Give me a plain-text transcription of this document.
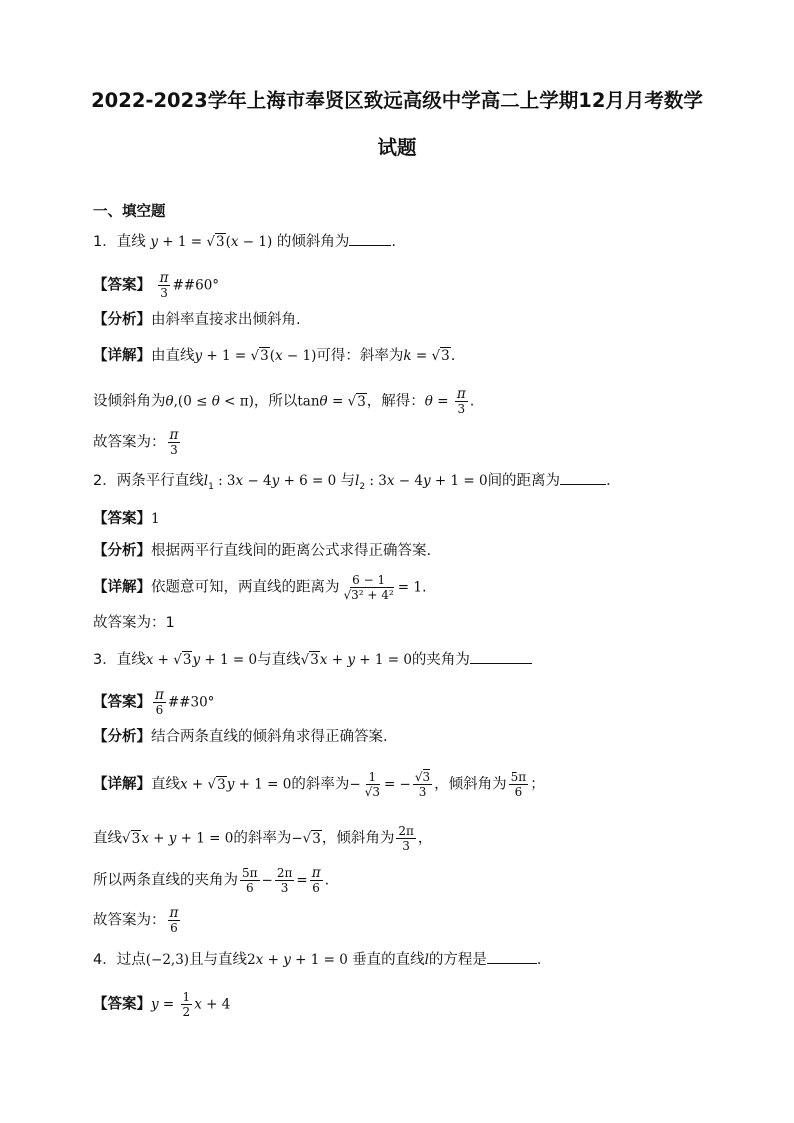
2022-2023学年上海市奉贤区致远高级中学高二上学期12月月考数学
试题
一、填空题
1．直线 y + 1 = √3(x − 1) 的倾斜角为	.
【答案】 $\frac{\pi}{3}$ ##60°
【分析】由斜率直接求出倾斜角.
【详解】由直线y + 1 = √3(x − 1)可得：斜率为k = √3.
设倾斜角为θ,(0 ≤ θ < π)，所以tanθ = √3，解得：$\theta = \frac{\pi}{3}$ .
故答案为： $\frac{\pi}{3}$
2．两条平行直线$l_1$ : 3x − 4y + 6 = 0 与$l_2$ : 3x − 4y + 1 = 0间的距离为	．
【答案】1
【分析】根据两平行直线间的距离公式求得正确答案.
【详解】依题意可知，两直线的距离为 $\frac{6 - 1}{\text{√3² + 4²}} = 1$.
故答案为：1
3．直线x + √3y + 1 = 0与直线√3x + y + 1 = 0的夹角为
【答案】 $\frac{\pi}{6}$ ##30°
【分析】结合两条直线的倾斜角求得正确答案.
【详解】直线x + √3y + 1 = 0的斜率为− $\frac{1}{√3}$ = − $\frac{√3}{3}$ ，倾斜角为 $\frac{5\pi}{6}$ ；
直线√3x + y + 1 = 0的斜率为−√3，倾斜角为 $\frac{2\pi}{3}$ ，
所以两条直线的夹角为 $\frac{5\pi}{6} - \frac{2\pi}{3} = \frac{\pi}{6}$ .
故答案为： $\frac{\pi}{6}$
4．过点(−2,3)且与直线2x + y + 1 = 0 垂直的直线l的方程是	．
【答案】$y = \frac{1}{2}$ x + 4
